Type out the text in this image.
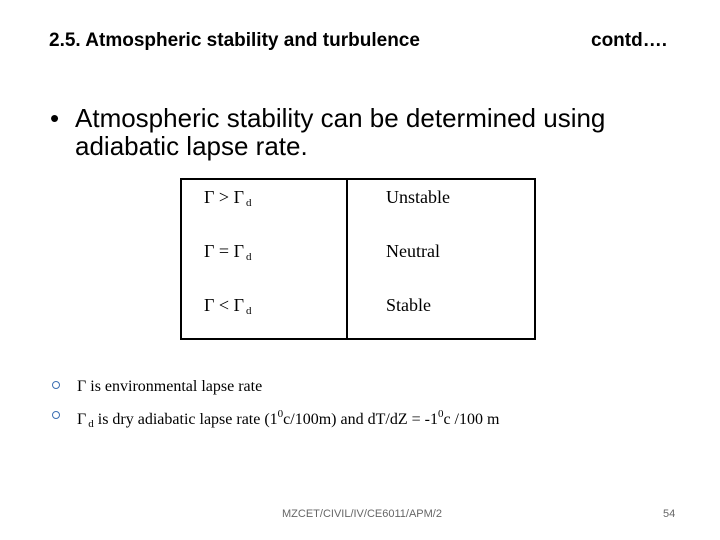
2.5. Atmospheric stability and turbulence	contd….
• Atmospheric stability can be determined using adiabatic lapse rate.
Γ > Γ $_d$	Unstable
Γ = Γ $_d$	Neutral
Γ < Γ $_d$	Stable
Γ is environmental lapse rate
Γ $_d$ is dry adiabatic lapse rate $(1^0c/100m)$ and $dT/dZ = -1^0c$ /100 m
MZCET/CIVIL/IV/CE6011/APM/2	54
